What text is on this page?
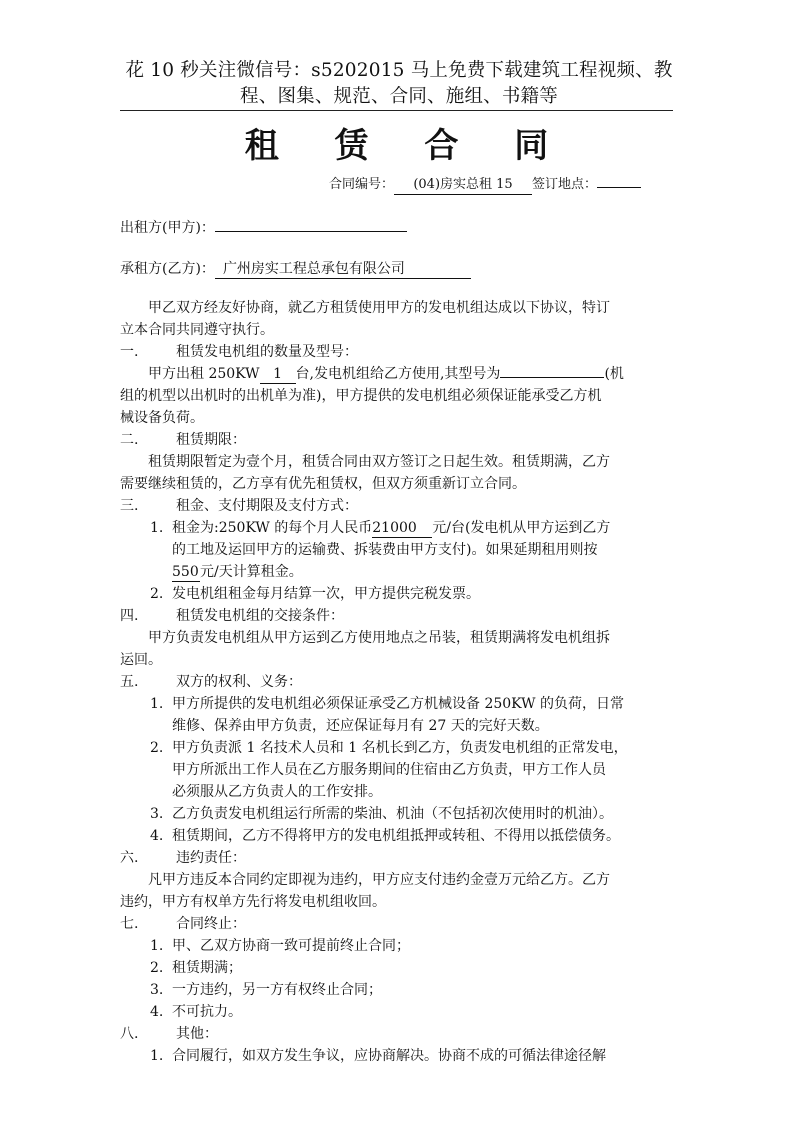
花 10 秒关注微信号：s5202015 马上免费下载建筑工程视频、教
程、图集、规范、合同、施组、书籍等
租 赁 合 同
合同编号： (04)房实总租 15 签订地点：
出租方(甲方)：
承租方(乙方)： 广州房实工程总承包有限公司
甲乙双方经友好协商，就乙方租赁使用甲方的发电机组达成以下协议，特订
立本合同共同遵守执行。
一.	租赁发电机组的数量及型号：
甲方出租 250KW 1 台,发电机组给乙方使用,其型号为	(机
组的机型以出机时的出机单为准)，甲方提供的发电机组必须保证能承受乙方机
械设备负荷。
二.	租赁期限：
租赁期限暂定为壹个月，租赁合同由双方签订之日起生效。租赁期满，乙方
需要继续租赁的，乙方享有优先租赁权，但双方须重新订立合同。
三.	租金、支付期限及支付方式：
1. 租金为:250KW 的每个月人民币21000 元/台(发电机从甲方运到乙方
的工地及运回甲方的运输费、拆装费由甲方支付)。如果延期租用则按
550元/天计算租金。
2. 发电机组租金每月结算一次，甲方提供完税发票。
四.	租赁发电机组的交接条件：
甲方负责发电机组从甲方运到乙方使用地点之吊装，租赁期满将发电机组拆
运回。
五.	双方的权利、义务：
1. 甲方所提供的发电机组必须保证承受乙方机械设备 250KW 的负荷，日常
维修、保养由甲方负责，还应保证每月有 27 天的完好天数。
2. 甲方负责派 1 名技术人员和 1 名机长到乙方，负责发电机组的正常发电，
甲方所派出工作人员在乙方服务期间的住宿由乙方负责，甲方工作人员
必须服从乙方负责人的工作安排。
3. 乙方负责发电机组运行所需的柴油、机油（不包括初次使用时的机油）。
4. 租赁期间，乙方不得将甲方的发电机组抵押或转租、不得用以抵偿债务。
六.	违约责任：
凡甲方违反本合同约定即视为违约，甲方应支付违约金壹万元给乙方。乙方
违约，甲方有权单方先行将发电机组收回。
七.	合同终止：
1. 甲、乙双方协商一致可提前终止合同；
2. 租赁期满；
3. 一方违约，另一方有权终止合同；
4. 不可抗力。
八.	其他：
1. 合同履行，如双方发生争议，应协商解决。协商不成的可循法律途径解
